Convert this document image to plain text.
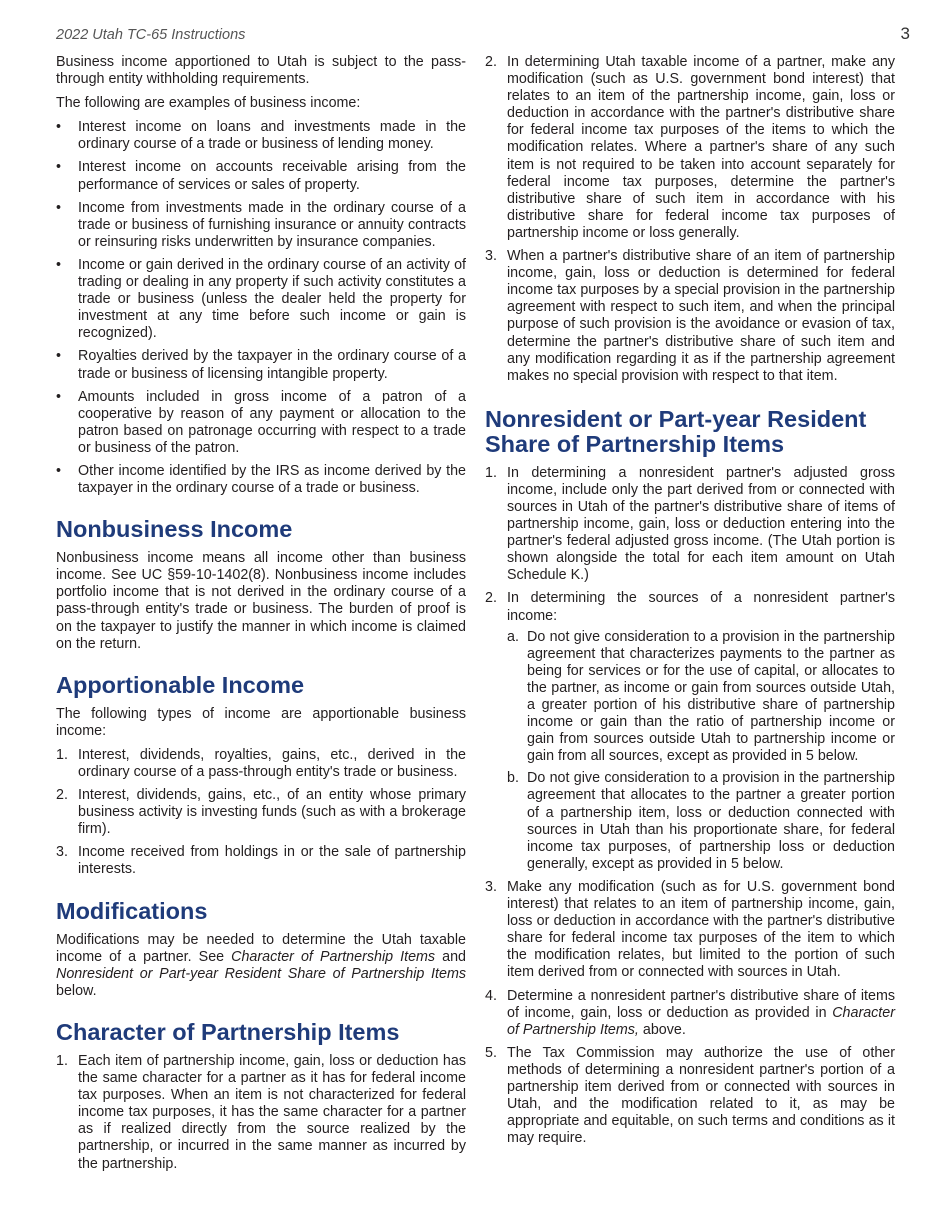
2022 Utah TC-65 Instructions	3

Business income apportioned to Utah is subject to the pass-through entity withholding requirements.

The following are examples of business income:

• Interest income on loans and investments made in the ordinary course of a trade or business of lending money.
• Interest income on accounts receivable arising from the performance of services or sales of property.
• Income from investments made in the ordinary course of a trade or business of furnishing insurance or annuity contracts or reinsuring risks underwritten by insurance companies.
• Income or gain derived in the ordinary course of an activity of trading or dealing in any property if such activity constitutes a trade or business (unless the dealer held the property for investment at any time before such income or gain is recognized).
• Royalties derived by the taxpayer in the ordinary course of a trade or business of licensing intangible property.
• Amounts included in gross income of a patron of a cooperative by reason of any payment or allocation to the patron based on patronage occurring with respect to a trade or business of the patron.
• Other income identified by the IRS as income derived by the taxpayer in the ordinary course of a trade or business.
Nonbusiness Income

Nonbusiness income means all income other than business income. See UC §59-10-1402(8). Nonbusiness income includes portfolio income that is not derived in the ordinary course of a pass-through entity's trade or business. The burden of proof is on the taxpayer to justify the manner in which income is claimed on the return.

Apportionable Income

The following types of income are apportionable business income:

1. Interest, dividends, royalties, gains, etc., derived in the ordinary course of a pass-through entity's trade or business.
2. Interest, dividends, gains, etc., of an entity whose primary business activity is investing funds (such as with a brokerage firm).
3. Income received from holdings in or the sale of partnership interests.
Modifications

Modifications may be needed to determine the Utah taxable income of a partner. See Character of Partnership Items and Nonresident or Part-year Resident Share of Partnership Items below.

Character of Partnership Items
1. Each item of partnership income, gain, loss or deduction has the same character for a partner as it has for federal income tax purposes. When an item is not characterized for federal income tax purposes, it has the same character for a partner as if realized directly from the source realized by the partnership, or incurred in the same manner as incurred by the partnership.
2. In determining Utah taxable income of a partner, make any modification (such as U.S. government bond interest) that relates to an item of the partnership income, gain, loss or deduction in accordance with the partner's distributive share for federal income tax purposes of the items to which the modification relates. Where a partner's share of any such item is not required to be taken into account separately for federal income tax purposes, determine the partner's distributive share of such item in accordance with his distributive share for federal income tax purposes of partnership income or loss generally.
3. When a partner's distributive share of an item of partnership income, gain, loss or deduction is determined for federal income tax purposes by a special provision in the partnership agreement with respect to such item, and when the principal purpose of such provision is the avoidance or evasion of tax, determine the partner's distributive share of such item and any modification regarding it as if the partnership agreement makes no special provision with respect to that item.
Nonresident or Part-year Resident Share of Partnership Items
1. In determining a nonresident partner's adjusted gross income, include only the part derived from or connected with sources in Utah of the partner's distributive share of items of partnership income, gain, loss or deduction entering into the partner's federal adjusted gross income. (The Utah portion is shown alongside the total for each item amount on Utah Schedule K.)
2. In determining the sources of a nonresident partner's income:
a. Do not give consideration to a provision in the partnership agreement that characterizes payments to the partner as being for services or for the use of capital, or allocates to the partner, as income or gain from sources outside Utah, a greater portion of his distributive share of partnership income or gain than the ratio of partnership income or gain from sources outside Utah to partnership income or gain from all sources, except as provided in 5 below.
b. Do not give consideration to a provision in the partnership agreement that allocates to the partner a greater portion of a partnership item, loss or deduction connected with sources in Utah than his proportionate share, for federal income tax purposes, of partnership loss or deduction generally, except as provided in 5 below.
3. Make any modification (such as for U.S. government bond interest) that relates to an item of partnership income, gain, loss or deduction in accordance with the partner's distributive share for federal income tax purposes of the item to which the modification relates, but limited to the portion of such item derived from or connected with sources in Utah.
4. Determine a nonresident partner's distributive share of items of income, gain, loss or deduction as provided in Character of Partnership Items, above.
5. The Tax Commission may authorize the use of other methods of determining a nonresident partner's portion of a partnership item derived from or connected with sources in Utah, and the modification related to it, as may be appropriate and equitable, on such terms and conditions as it may require.
